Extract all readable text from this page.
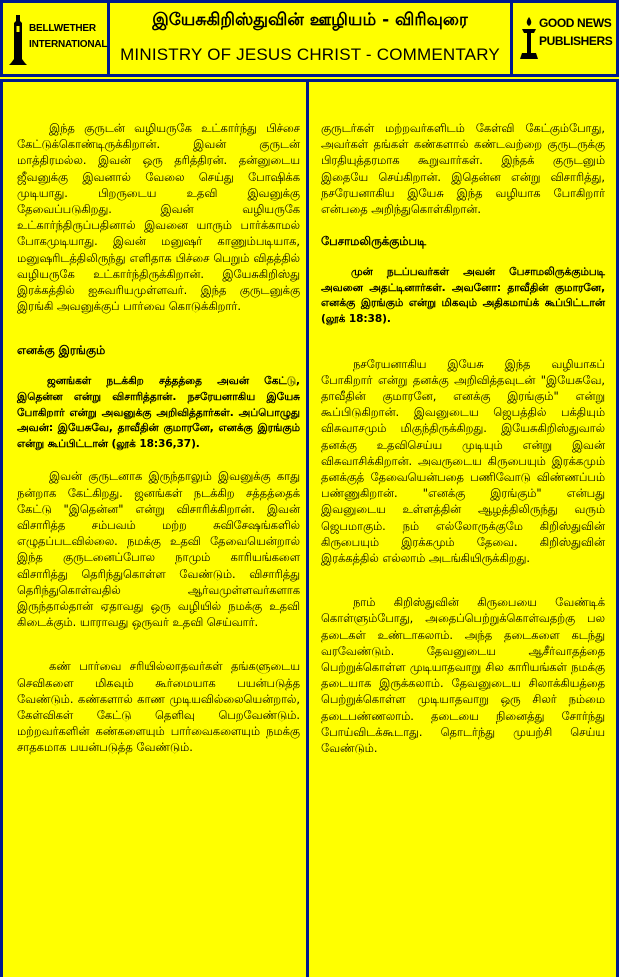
BELLWETHER
INTERNATIONAL
இயேசுகிறிஸ்துவின் ஊழியம் - விரிவுரை
MINISTRY OF JESUS CHRIST - COMMENTARY
GOOD NEWS
PUBLISHERS

இந்த குருடன் வழியருகே உட்கார்ந்து பிச்சை கேட்டுக்கொண்டிருக்கிறான். இவன் குருடன் மாத்திரமல்ல. இவன் ஒரு தரித்திரன். தன்னுடைய ஜீவனுக்கு இவனால் வேலை செய்து போஷிக்க முடியாது. பிறருடைய உதவி இவனுக்கு தேவைப்படுகிறது. இவன் வழியருகே உட்கார்ந்திருப்பதினால் இவனை யாரும் பார்க்காமல் போகமுடியாது. இவன் மனுஷர் காணும்படியாக, மனுஷரிடத்திலிருந்து எளிதாக பிச்சை பெறும் விதத்தில் வழியருகே உட்கார்ந்திருக்கிறான். இயேசுகிறிஸ்து இரக்கத்தில் ஐசுவரியமுள்ளவர். இந்த குருடனுக்கு இரங்கி அவனுக்குப் பார்வை கொடுக்கிறார்.

எனக்கு இரங்கும்

ஜனங்கள் நடக்கிற சத்தத்தை அவன் கேட்டு, இதென்ன என்று விசாரித்தான். நசரேயனாகிய இயேசு போகிறார் என்று அவனுக்கு அறிவித்தார்கள். அப்பொழுது அவன்: இயேசுவே, தாவீதின் குமாரனே, எனக்கு இரங்கும் என்று கூப்பிட்டான் (லூக் 18:36,37).

இவன் குருடனாக இருந்தாலும் இவனுக்கு காது நன்றாக கேட்கிறது. ஜனங்கள் நடக்கிற சத்தத்தைக் கேட்டு "இதென்ன" என்று விசாரிக்கிறான். இவன் விசாரித்த சம்பவம் மற்ற சுவிசேஷங்களில் எழுதப்படவில்லை. நமக்கு உதவி தேவையென்றால் இந்த குருடனைப்போல நாமும் காரியங்களை விசாரித்து தெரிந்துகொள்ள வேண்டும். விசாரித்து தெரிந்துகொள்வதில் ஆர்வமுள்ளவர்களாக இருந்தால்தான் ஏதாவது ஒரு வழியில் நமக்கு உதவி கிடைக்கும். யாராவது ஒருவர் உதவி செய்வார்.

கண் பார்வை சரியில்லாதவர்கள் தங்களுடைய செவிகளை மிகவும் கூர்மையாக பயன்படுத்த வேண்டும். கண்களால் காண முடியவில்லையென்றால், கேள்விகள் கேட்டு தெளிவு பெறவேண்டும். மற்றவர்களின் கண்களையும் பார்வைகளையும் நமக்கு சாதகமாக பயன்படுத்த வேண்டும்.

குருடர்கள் மற்றவர்களிடம் கேள்வி கேட்கும்போது, அவர்கள் தங்கள் கண்களால் கண்டவற்றை குருடருக்கு பிரதியுத்தரமாக கூறுவார்கள். இந்தக் குருடனும் இதையே செய்கிறான். இதென்ன என்று விசாரித்து, நசரேயனாகிய இயேசு இந்த வழியாக போகிறார் என்பதை அறிந்துகொள்கிறான்.

பேசாமலிருக்கும்படி

முன் நடப்பவர்கள் அவன் பேசாமலிருக்கும்படி அவனை அதட்டினார்கள். அவனோ: தாவீதின் குமாரனே, எனக்கு இரங்கும் என்று மிகவும் அதிகமாய்க் கூப்பிட்டான் (லூக் 18:38).

நசரேயனாகிய இயேசு இந்த வழியாகப் போகிறார் என்று தனக்கு அறிவித்தவுடன் "இயேசுவே, தாவீதின் குமாரனே, எனக்கு இரங்கும்" என்று கூப்பிடுகிறான். இவனுடைய ஜெபத்தில் பக்தியும் விசுவாசமும் மிகுந்திருக்கிறது. இயேசுகிறிஸ்துவால் தனக்கு உதவிசெய்ய முடியும் என்று இவன் விசுவாசிக்கிறான். அவருடைய கிருபையும் இரக்கமும் தனக்குத் தேவையென்பதை பணிவோடு விண்ணப்பம் பண்ணுகிறான். "எனக்கு இரங்கும்" என்பது இவனுடைய உள்ளத்தின் ஆழத்திலிருந்து வரும் ஜெபமாகும். நம் எல்லோருக்குமே கிறிஸ்துவின் கிருபையும் இரக்கமும் தேவை. கிறிஸ்துவின் இரக்கத்தில் எல்லாம் அடங்கியிருக்கிறது.

நாம் கிறிஸ்துவின் கிருபையை வேண்டிக் கொள்ளும்போது, அதைப்பெற்றுக்கொள்வதற்கு பல தடைகள் உண்டாகலாம். அந்த தடைகளை கடந்து வரவேண்டும். தேவனுடைய ஆசீர்வாதத்தை பெற்றுக்கொள்ள முடியாதவாறு சில காரியங்கள் நமக்கு தடையாக இருக்கலாம். தேவனுடைய சிலாக்கியத்தை பெற்றுக்கொள்ள முடியாதவாறு ஒரு சிலர் நம்மை தடைபண்ணலாம். தடையை நினைத்து சோர்ந்து போய்விடக்கூடாது. தொடர்ந்து முயற்சி செய்ய வேண்டும்.
